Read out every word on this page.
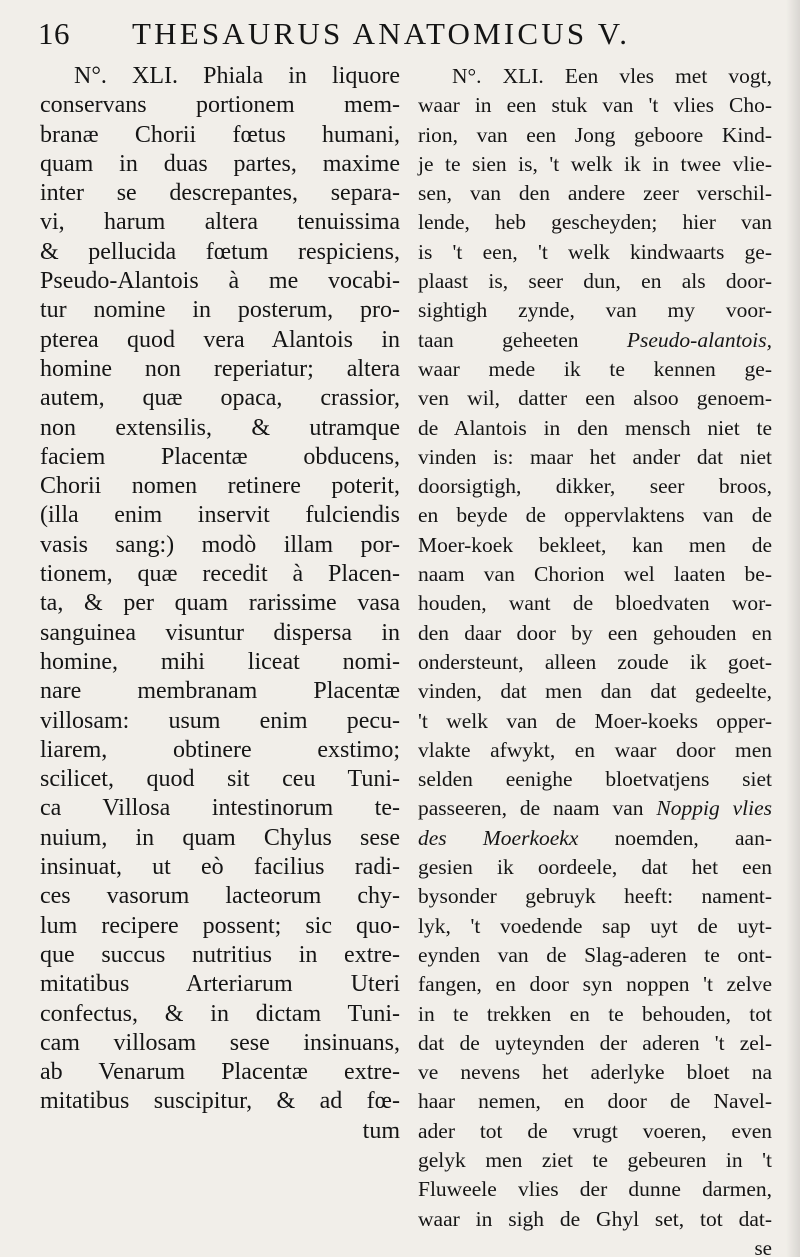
16 THESAURUS ANATOMICUS V.
N°. XLI. Phiala in liquore
conservans portionem mem-
branæ Chorii fœtus humani,
quam in duas partes, maxime
inter se descrepantes, separa-
vi, harum altera tenuissima
& pellucida fœtum respiciens,
Pseudo-Alantois à me vocabi-
tur nomine in posterum, pro-
pterea quod vera Alantois in
homine non reperiatur; altera
autem, quæ opaca, crassior,
non extensilis, & utramque
faciem Placentæ obducens,
Chorii nomen retinere poterit,
(illa enim inservit fulciendis
vasis sang:) modò illam por-
tionem, quæ recedit à Placen-
ta, & per quam rarissime vasa
sanguinea visuntur dispersa in
homine, mihi liceat nomi-
nare membranam Placentæ
villosam: usum enim pecu-
liarem, obtinere exstimo;
scilicet, quod sit ceu Tuni-
ca Villosa intestinorum te-
nuium, in quam Chylus sese
insinuat, ut eò facilius radi-
ces vasorum lacteorum chy-
lum recipere possent; sic quo-
que succus nutritius in extre-
mitatibus Arteriarum Uteri
confectus, & in dictam Tuni-
cam villosam sese insinuans,
ab Venarum Placentæ extre-
mitatibus suscipitur, & ad fœ-
tum
N°. XLI. Een vles met vogt,
waar in een stuk van 't vlies Cho-
rion, van een Jong geboore Kind-
je te sien is, 't welk ik in twee vlie-
sen, van den andere zeer verschil-
lende, heb gescheyden; hier van
is 't een, 't welk kindwaarts ge-
plaast is, seer dun, en als door-
sightigh zynde, van my voor-
taan geheeten Pseudo-alantois,
waar mede ik te kennen ge-
ven wil, datter een alsoo genoem-
de Alantois in den mensch niet te
vinden is: maar het ander dat niet
doorsigtigh, dikker, seer broos,
en beyde de oppervlaktens van de
Moer-koek bekleet, kan men de
naam van Chorion wel laaten be-
houden, want de bloedvaten wor-
den daar door by een gehouden en
ondersteunt, alleen zoude ik goet-
vinden, dat men dan dat gedeelte,
't welk van de Moer-koeks opper-
vlakte afwykt, en waar door men
selden eenighe bloetvatjens siet
passeeren, de naam van Noppig vlies
des Moerkoekx noemden, aan-
gesien ik oordeele, dat het een
bysonder gebruyk heeft: nament-
lyk, 't voedende sap uyt de uyt-
eynden van de Slag-aderen te ont-
fangen, en door syn noppen 't zelve
in te trekken en te behouden, tot
dat de uyteynden der aderen 't zel-
ve nevens het aderlyke bloet na
haar nemen, en door de Navel-
ader tot de vrugt voeren, even
gelyk men ziet te gebeuren in 't
Fluweele vlies der dunne darmen,
waar in sigh de Ghyl set, tot dat-
se
